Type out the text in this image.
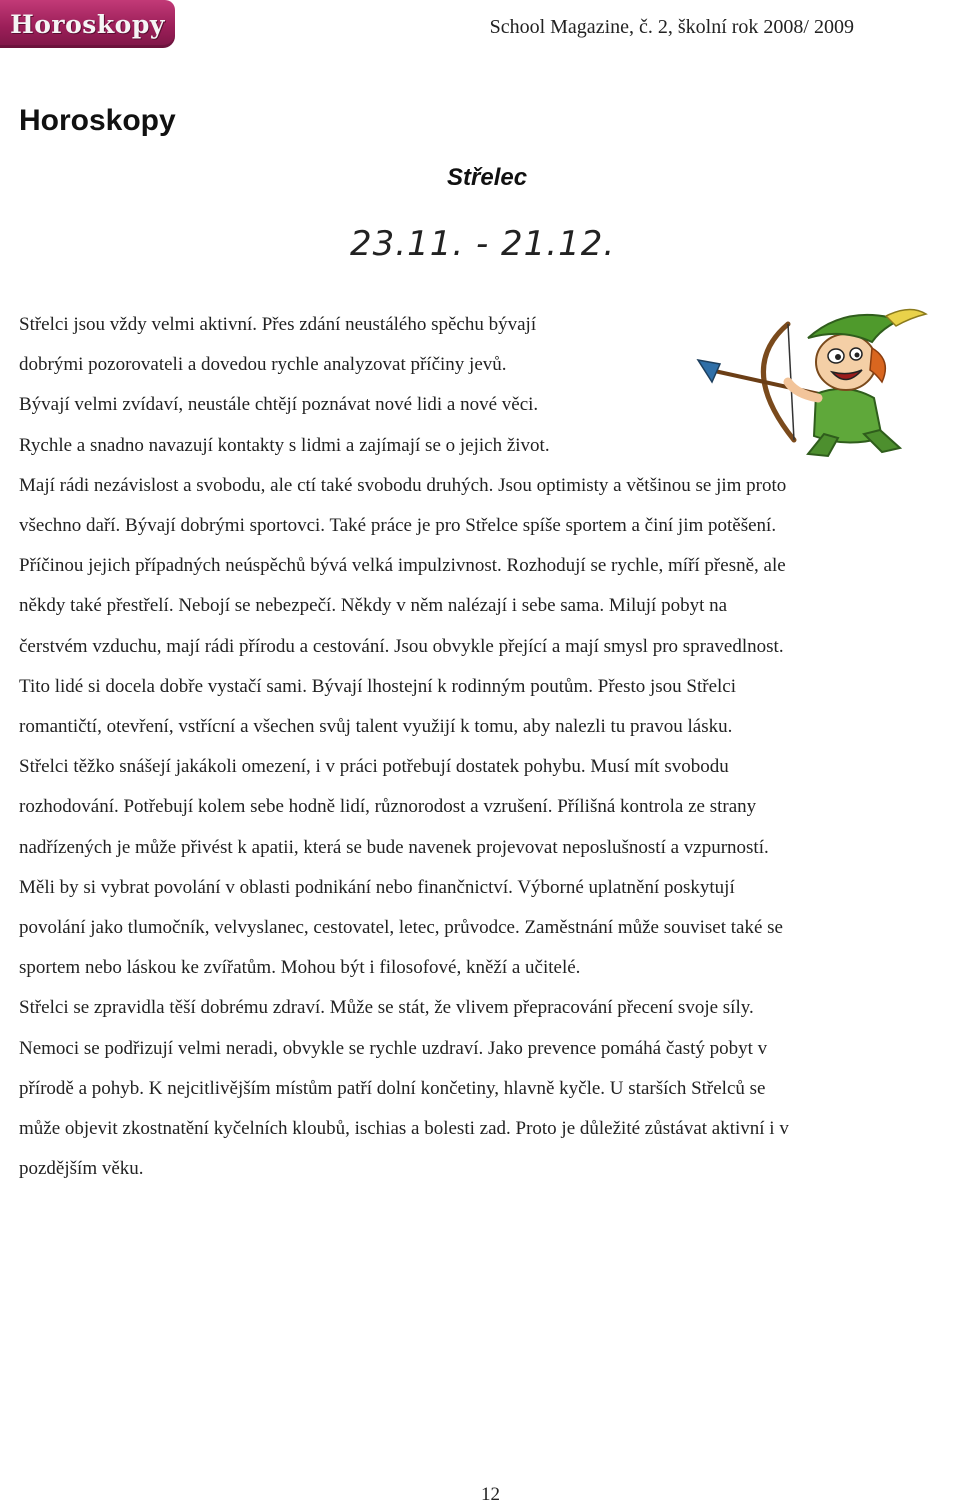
Horoskopy	School Magazine, č. 2, školní rok 2008/ 2009
Horoskopy
Střelec
23.11. - 21.12.
Střelci jsou vždy velmi aktivní. Přes zdání neustálého spěchu bývají
dobrými pozorovateli a dovedou rychle analyzovat příčiny jevů.
Bývají velmi zvídaví, neustále chtějí poznávat nové lidi a nové věci.
Rychle a snadno navazují kontakty s lidmi a zajímají se o jejich život.
Mají rádi nezávislost a svobodu, ale ctí také svobodu druhých. Jsou optimisty a většinou se jim proto
všechno daří. Bývají dobrými sportovci. Také práce je pro Střelce spíše sportem a činí jim potěšení.
Příčinou jejich případných neúspěchů bývá velká impulzivnost. Rozhodují se rychle, míří přesně, ale
někdy také přestřelí. Nebojí se nebezpečí. Někdy v něm nalézají i sebe sama. Milují pobyt na
čerstvém vzduchu, mají rádi přírodu a cestování. Jsou obvykle přející a mají smysl pro spravedlnost.
Tito lidé si docela dobře vystačí sami. Bývají lhostejní k rodinným poutům. Přesto jsou Střelci
romantičtí, otevření, vstřícní a všechen svůj talent využijí k tomu, aby nalezli tu pravou lásku.
Střelci těžko snášejí jakákoli omezení, i v práci potřebují dostatek pohybu. Musí mít svobodu
rozhodování. Potřebují kolem sebe hodně lidí, různorodost a vzrušení. Přílišná kontrola ze strany
nadřízených je může přivést k apatii, která se bude navenek projevovat neposlušností a vzpurností.
Měli by si vybrat povolání v oblasti podnikání nebo finančnictví. Výborné uplatnění poskytují
povolání jako tlumočník, velvyslanec, cestovatel, letec, průvodce. Zaměstnání může souviset také se
sportem nebo láskou ke zvířatům. Mohou být i filosofové, kněží a učitelé.
Střelci se zpravidla těší dobrému zdraví. Může se stát, že vlivem přepracování přecení svoje síly.
Nemoci se podřizují velmi neradi, obvykle se rychle uzdraví. Jako prevence pomáhá častý pobyt v
přírodě a pohyb. K nejcitlivějším místům patří dolní končetiny, hlavně kyčle. U starších Střelců se
může objevit zkostnatění kyčelních kloubů, ischias a bolesti zad. Proto je důležité zůstávat aktivní i v
pozdějším věku.
12
